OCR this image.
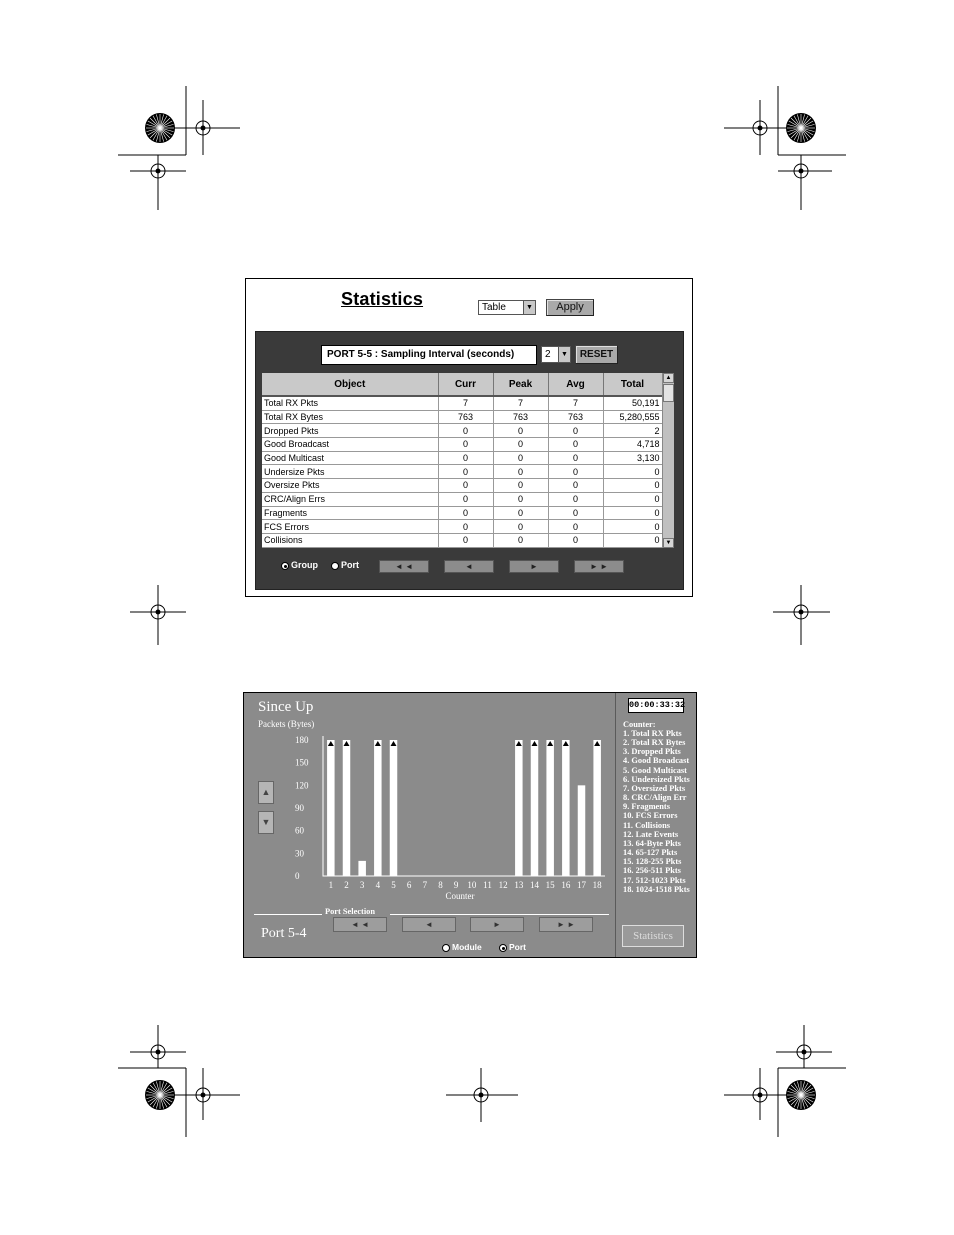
Statistics	Table	▼	Apply
PORT 5-5 : Sampling Interval (seconds)	2	▼	RESET
Object	Curr	Peak	Avg	Total
Total RX Pkts	7	7	7	50,191
Total RX Bytes	763	763	763	5,280,555
Dropped Pkts	0	0	0	2
Good Broadcast	0	0	0	4,718
Good Multicast	0	0	0	3,130
Undersize Pkts	0	0	0	0
Oversize Pkts	0	0	0	0
CRC/Align Errs	0	0	0	0
Fragments	0	0	0	0
FCS Errors	0	0	0	0
Collisions	0	0	0	0
▲
▼
Group	Port	◄ ◄	◄	►	► ►
0
30
60
90
120
150
180
1 2 3 4 5 6 7 8 9 10 11 12 13 14 15 16 17 18
Counter
Since Up
Packets (Bytes)
▲
▼
Port Selection
Port 5-4
◄ ◄	◄	►	► ►
Module	Port
00:00:33:32
Counter:
1. Total RX Pkts
2. Total RX Bytes
3. Dropped Pkts
4. Good Broadcast
5. Good Multicast
6. Undersized Pkts
7. Oversized Pkts
8. CRC/Align Err
9. Fragments
10. FCS Errors
11. Collisions
12. Late Events
13. 64-Byte Pkts
14. 65-127 Pkts
15. 128-255 Pkts
16. 256-511 Pkts
17. 512-1023 Pkts
18. 1024-1518 Pkts
Statistics
